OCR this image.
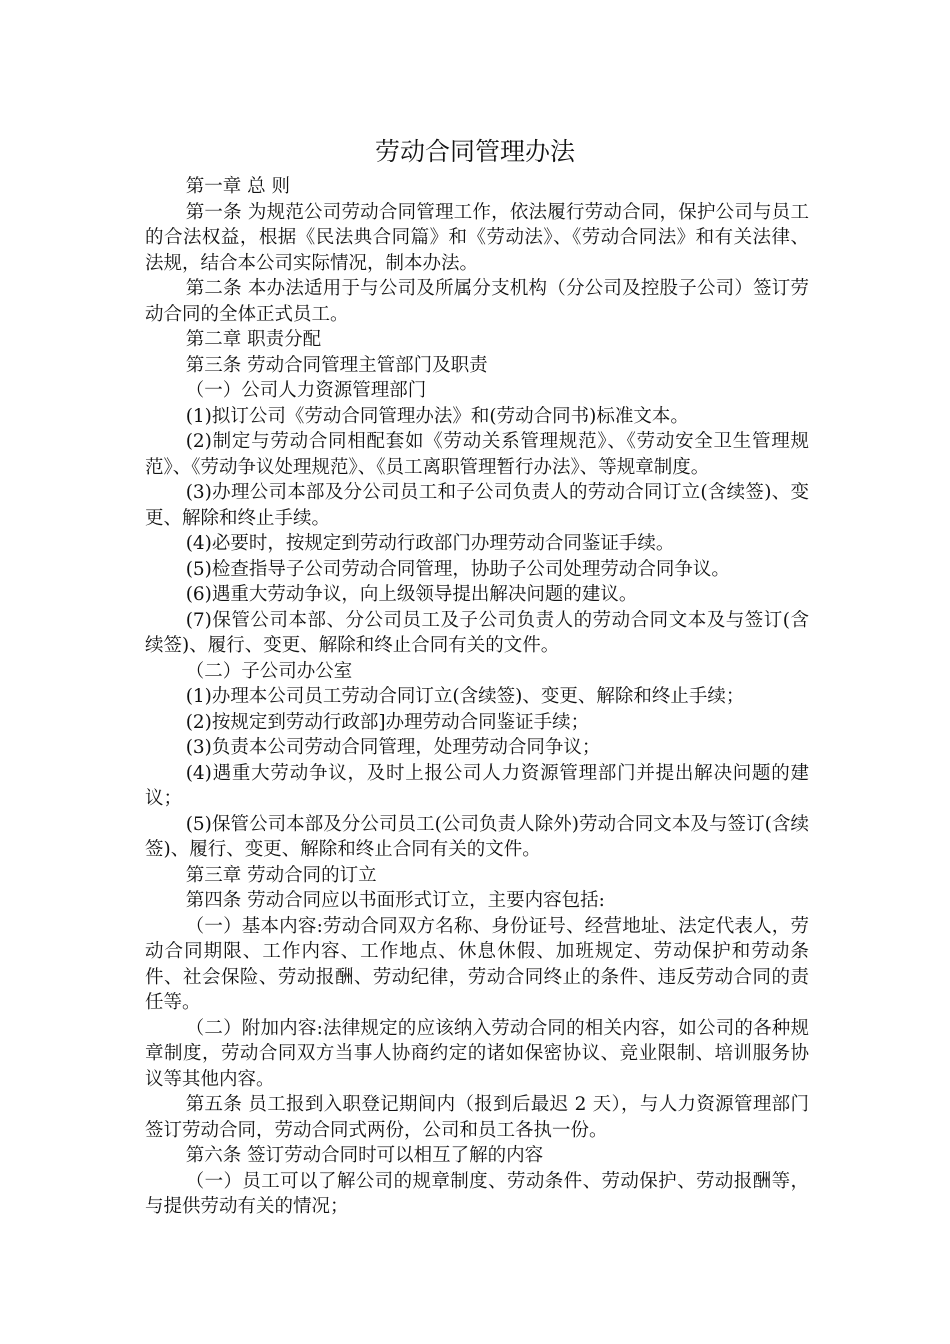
劳动合同管理办法

第一章 总 则

第一条 为规范公司劳动合同管理工作，依法履行劳动合同，保护公司与员工的合法权益，根据《民法典合同篇》和《劳动法》、《劳动合同法》和有关法律、法规，结合本公司实际情况，制本办法。

第二条 本办法适用于与公司及所属分支机构（分公司及控股子公司）签订劳动合同的全体正式员工。

第二章 职责分配

第三条 劳动合同管理主管部门及职责

（一）公司人力资源管理部门

(1)拟订公司《劳动合同管理办法》和(劳动合同书)标准文本。

(2)制定与劳动合同相配套如《劳动关系管理规范》、《劳动安全卫生管理规范》、《劳动争议处理规范》、《员工离职管理暂行办法》、等规章制度。

(3)办理公司本部及分公司员工和子公司负责人的劳动合同订立(含续签)、变更、解除和终止手续。

(4)必要时，按规定到劳动行政部门办理劳动合同鉴证手续。

(5)检查指导子公司劳动合同管理，协助子公司处理劳动合同争议。

(6)遇重大劳动争议，向上级领导提出解决问题的建议。

(7)保管公司本部、分公司员工及子公司负责人的劳动合同文本及与签订(含续签)、履行、变更、解除和终止合同有关的文件。

（二）子公司办公室

(1)办理本公司员工劳动合同订立(含续签)、变更、解除和终止手续；

(2)按规定到劳动行政部]办理劳动合同鉴证手续；

(3)负责本公司劳动合同管理，处理劳动合同争议；

(4)遇重大劳动争议，及时上报公司人力资源管理部门并提出解决问题的建议；

(5)保管公司本部及分公司员工(公司负责人除外)劳动合同文本及与签订(含续签)、履行、变更、解除和终止合同有关的文件。

第三章 劳动合同的订立

第四条 劳动合同应以书面形式订立，主要内容包括:

（一）基本内容:劳动合同双方名称、身份证号、经营地址、法定代表人，劳动合同期限、工作内容、工作地点、休息休假、加班规定、劳动保护和劳动条件、社会保险、劳动报酬、劳动纪律，劳动合同终止的条件、违反劳动合同的责任等。

（二）附加内容:法律规定的应该纳入劳动合同的相关内容，如公司的各种规章制度，劳动合同双方当事人协商约定的诸如保密协议、竞业限制、培训服务协议等其他内容。

第五条 员工报到入职登记期间内（报到后最迟 2 天），与人力资源管理部门签订劳动合同，劳动合同式两份，公司和员工各执一份。

第六条 签订劳动合同时可以相互了解的内容

（一）员工可以了解公司的规章制度、劳动条件、劳动保护、劳动报酬等，与提供劳动有关的情况；
